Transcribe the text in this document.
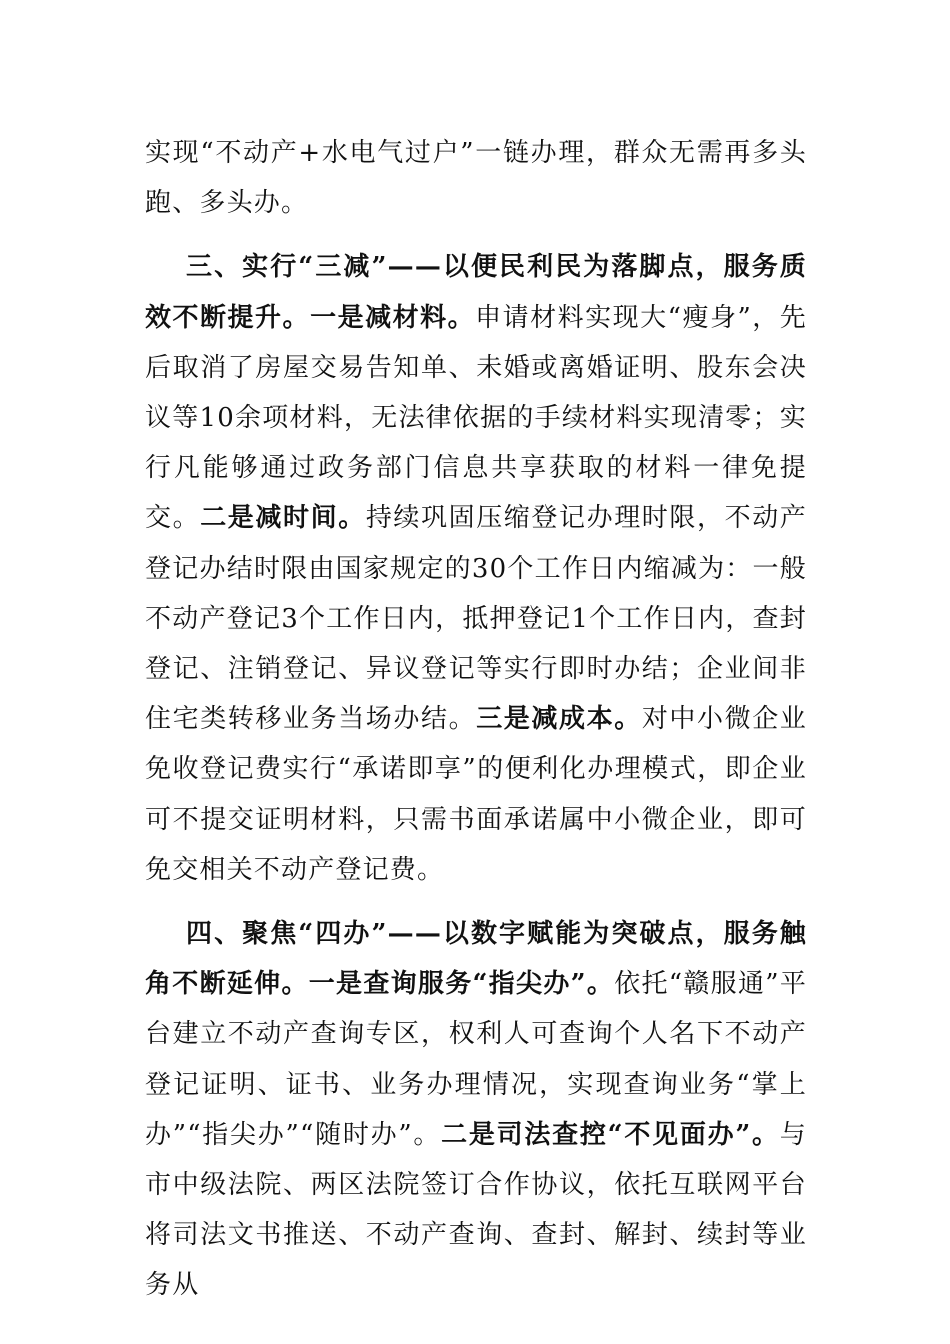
实现“不动产+水电气过户”一链办理，群众无需再多头跑、多头办。

三、实行“三减”——以便民利民为落脚点，服务质效不断提升。一是减材料。申请材料实现大“瘦身”，先后取消了房屋交易告知单、未婚或离婚证明、股东会决议等10余项材料，无法律依据的手续材料实现清零；实行凡能够通过政务部门信息共享获取的材料一律免提交。二是减时间。持续巩固压缩登记办理时限，不动产登记办结时限由国家规定的30个工作日内缩减为：一般不动产登记3个工作日内，抵押登记1个工作日内，查封登记、注销登记、异议登记等实行即时办结；企业间非住宅类转移业务当场办结。三是减成本。对中小微企业免收登记费实行“承诺即享”的便利化办理模式，即企业可不提交证明材料，只需书面承诺属中小微企业，即可免交相关不动产登记费。

四、聚焦“四办”——以数字赋能为突破点，服务触角不断延伸。一是查询服务“指尖办”。依托“赣服通”平台建立不动产查询专区，权利人可查询个人名下不动产登记证明、证书、业务办理情况，实现查询业务“掌上办”“指尖办”“随时办”。二是司法查控“不见面办”。与市中级法院、两区法院签订合作协议，依托互联网平台将司法文书推送、不动产查询、查封、解封、续封等业务从
